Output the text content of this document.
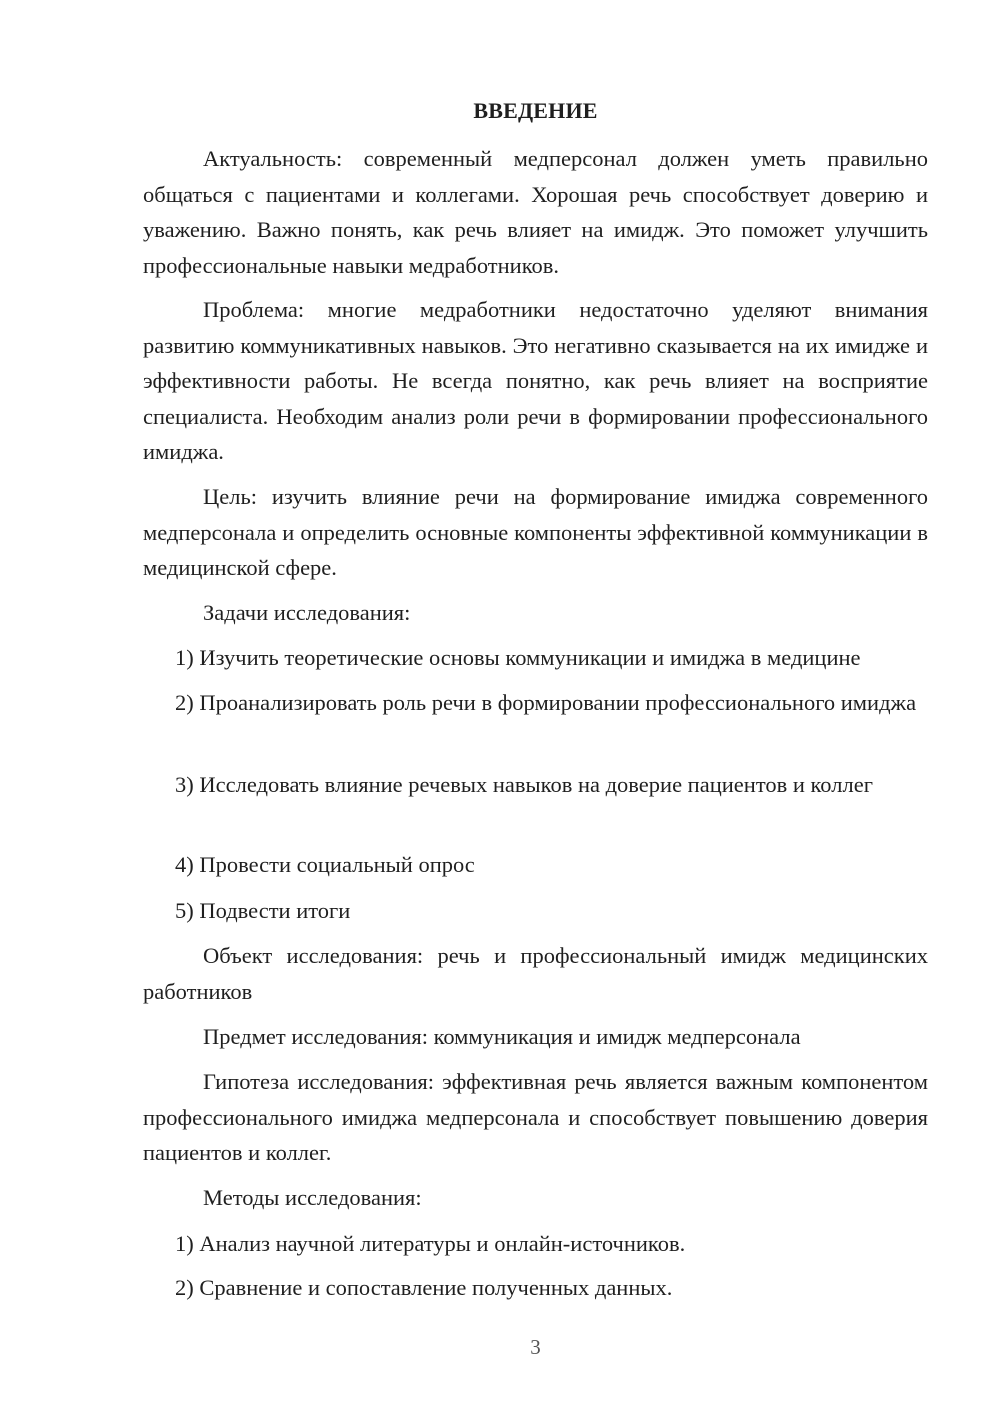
ВВЕДЕНИЕ

Актуальность: современный медперсонал должен уметь правильно общаться с пациентами и коллегами. Хорошая речь способствует доверию и уважению. Важно понять, как речь влияет на имидж. Это поможет улучшить профессиональные навыки медработников.

Проблема: многие медработники недостаточно уделяют внимания развитию коммуникативных навыков. Это негативно сказывается на их имидже и эффективности работы. Не всегда понятно, как речь влияет на восприятие специалиста. Необходим анализ роли речи в формировании профессионального имиджа.

Цель: изучить влияние речи на формирование имиджа современного медперсонала и определить основные компоненты эффективной коммуникации в медицинской сфере.

Задачи исследования:

1) Изучить теоретические основы коммуникации и имиджа в медицине

2) Проанализировать роль речи в формировании профессионального имиджа

3) Исследовать влияние речевых навыков на доверие пациентов и коллег

4) Провести социальный опрос

5) Подвести итоги

Объект исследования: речь и профессиональный имидж медицинских работников

Предмет исследования: коммуникация и имидж медперсонала

Гипотеза исследования: эффективная речь является важным компонентом профессионального имиджа медперсонала и способствует повышению доверия пациентов и коллег.

Методы исследования:

1) Анализ научной литературы и онлайн-источников.

2) Сравнение и сопоставление полученных данных.

3
